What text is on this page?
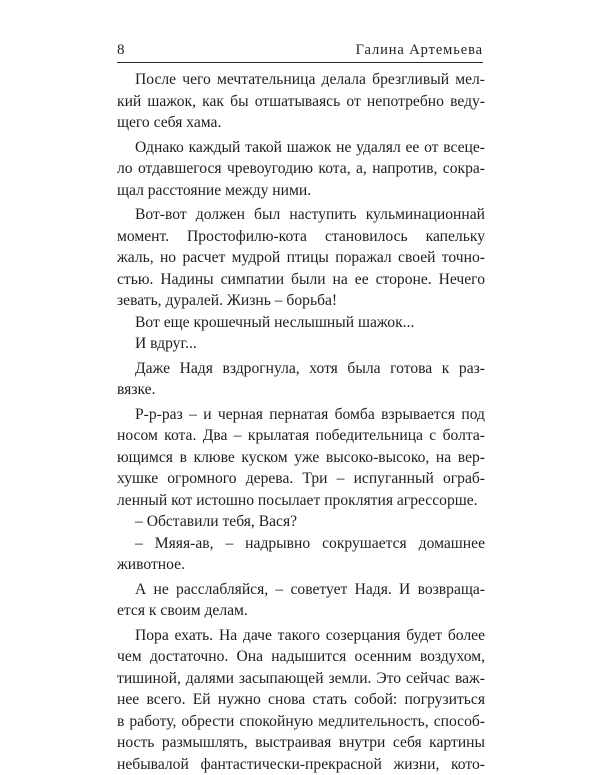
8	Галина Артемьева
После чего мечтательница делала брезгливый мел-
кий шажок, как бы отшатываясь от непотребно веду-
щего себя хама.
Однако каждый такой шажок не удалял ее от всеце-
ло отдавшегося чревоугодию кота, а, напротив, сокра-
щал расстояние между ними.
Вот-вот должен был наступить кульминационнай
момент. Простофилю-кота становилось капельку
жаль, но расчет мудрой птицы поражал своей точно-
стью. Надины симпатии были на ее стороне. Нечего
зевать, дуралей. Жизнь – борьба!
Вот еще крошечный неслышный шажок...
И вдруг...
Даже Надя вздрогнула, хотя была готова к раз-
вязке.
Р-р-раз – и черная пернатая бомба взрывается под
носом кота. Два – крылатая победительница с болта-
ющимся в клюве куском уже высоко-высоко, на вер-
хушке огромного дерева. Три – испуганный ограб-
ленный кот истошно посылает проклятия агрессорше.
– Обставили тебя, Вася?
– Мяяя-ав, – надрывно сокрушается домашнее
животное.
А не расслабляйся, – советует Надя. И возвраща-
ется к своим делам.
Пора ехать. На даче такого созерцания будет более
чем достаточно. Она надышится осенним воздухом,
тишиной, далями засыпающей земли. Это сейчас важ-
нее всего. Ей нужно снова стать собой: погрузиться
в работу, обрести спокойную медлительность, способ-
ность размышлять, выстраивая внутри себя картины
небывалой фантастически-прекрасной жизни, кото-
